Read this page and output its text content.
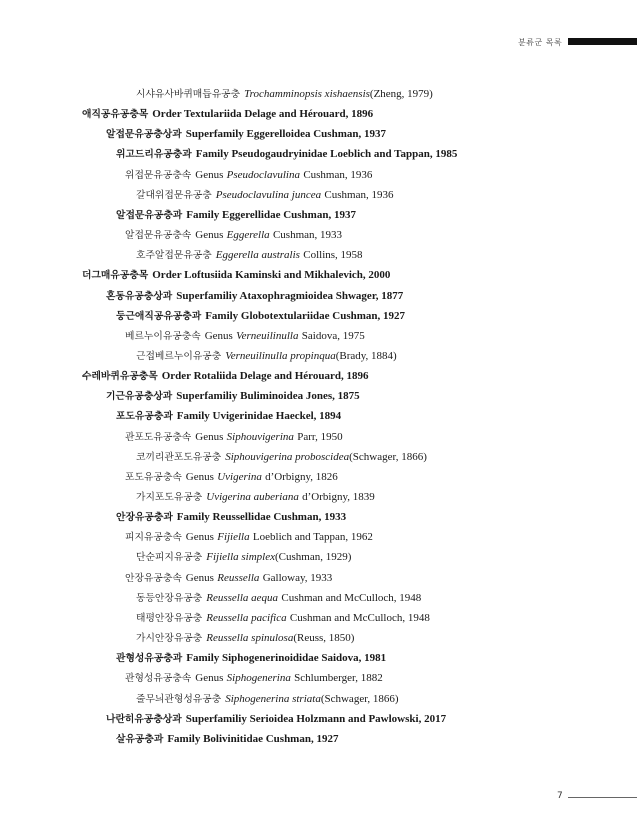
분류군 목록
시샤유사바퀴매듭유공충 Trochamminopsis xishaensis(Zheng, 1979)
애직공유공충목 Order Textulariida Delage and Hérouard, 1896
알접문유공충상과 Superfamily Eggerelloidea Cushman, 1937
위고드리유공충과 Family Pseudogaudryinidae Loeblich and Tappan, 1985
위접문유공충속 Genus Pseudoclavulina Cushman, 1936
갈대위접문유공충 Pseudoclavulina juncea Cushman, 1936
알접문유공충과 Family Eggerellidae Cushman, 1937
알접문유공충속 Genus Eggerella Cushman, 1933
호주알접문유공충 Eggerella australis Collins, 1958
더그매유공충목 Order Loftusiida Kaminski and Mikhalevich, 2000
혼동유공충상과 Superfamiliy Ataxophragmioidea Shwager, 1877
둥근애직공유공충과 Family Globotextulariidae Cushman, 1927
베르누이유공충속 Genus Verneuilinulla Saidova, 1975
근접베르누이유공충 Verneuilinulla propinqua(Brady, 1884)
수레바퀴유공충목 Order Rotaliida Delage and Hérouard, 1896
기근유공충상과 Superfamiliy Buliminoidea Jones, 1875
포도유공충과 Family Uvigerinidae Haeckel, 1894
관포도유공충속 Genus Siphouvigerina Parr, 1950
코끼리관포도유공충 Siphouvigerina proboscidea(Schwager, 1866)
포도유공충속 Genus Uvigerina d’Orbigny, 1826
가지포도유공충 Uvigerina auberiana d’Orbigny, 1839
안장유공충과 Family Reussellidae Cushman, 1933
피지유공충속 Genus Fijiella Loeblich and Tappan, 1962
단순피지유공충 Fijiella simplex(Cushman, 1929)
안장유공충속 Genus Reussella Galloway, 1933
동등안장유공충 Reussella aequa Cushman and McCulloch, 1948
태평안장유공충 Reussella pacifica Cushman and McCulloch, 1948
가시안장유공충 Reussella spinulosa(Reuss, 1850)
관형성유공충과 Family Siphogenerinoididae Saidova, 1981
관형성유공충속 Genus Siphogenerina Schlumberger, 1882
줄무늬관형성유공충 Siphogenerina striata(Schwager, 1866)
나란히유공충상과 Superfamiliy Serioidea Holzmann and Pawlowski, 2017
살유공충과 Family Bolivinitidae Cushman, 1927
7
